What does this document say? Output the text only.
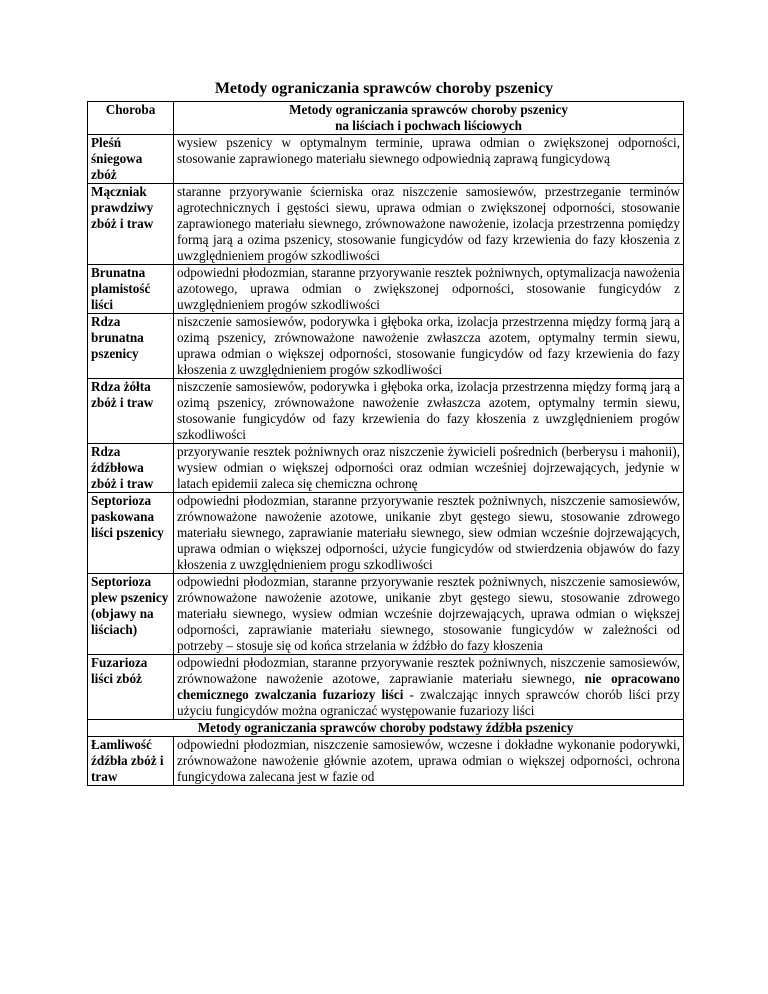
Metody ograniczania sprawców choroby pszenicy
Choroba	Metody ograniczania sprawców choroby pszenicy
na liściach i pochwach liściowych

Pleśń śniegowa zbóż	wysiew pszenicy w optymalnym terminie, uprawa odmian o zwiększonej odporności, stosowanie zaprawionego materiału siewnego odpowiednią zaprawą fungicydową
Mączniak prawdziwy zbóż i traw	staranne przyorywanie ścierniska oraz niszczenie samosiewów, przestrzeganie terminów agrotechnicznych i gęstości siewu, uprawa odmian o zwiększonej odporności, stosowanie zaprawionego materiału siewnego, zrównoważone nawożenie, izolacja przestrzenna pomiędzy formą jarą a ozima pszenicy, stosowanie fungicydów od fazy krzewienia do fazy kłoszenia z uwzględnieniem progów szkodliwości
Brunatna plamistość liści	odpowiedni płodozmian, staranne przyorywanie resztek pożniwnych, optymalizacja nawożenia azotowego, uprawa odmian o zwiększonej odporności, stosowanie fungicydów z uwzględnieniem progów szkodliwości
Rdza brunatna pszenicy	niszczenie samosiewów, podorywka i głęboka orka, izolacja przestrzenna między formą jarą a ozimą pszenicy, zrównoważone nawożenie zwłaszcza azotem, optymalny termin siewu, uprawa odmian o większej odporności, stosowanie fungicydów od fazy krzewienia do fazy kłoszenia z uwzględnieniem progów szkodliwości
Rdza żółta zbóż i traw	niszczenie samosiewów, podorywka i głęboka orka, izolacja przestrzenna między formą jarą a ozimą pszenicy, zrównoważone nawożenie zwłaszcza azotem, optymalny termin siewu, stosowanie fungicydów od fazy krzewienia do fazy kłoszenia z uwzględnieniem progów szkodliwości
Rdza źdźbłowa zbóż i traw	przyorywanie resztek pożniwnych oraz niszczenie żywicieli pośrednich (berberysu i mahonii), wysiew odmian o większej odporności oraz odmian wcześniej dojrzewających, jedynie w latach epidemii zaleca się chemiczna ochronę
Septorioza paskowana liści pszenicy	odpowiedni płodozmian, staranne przyorywanie resztek pożniwnych, niszczenie samosiewów, zrównoważone nawożenie azotowe, unikanie zbyt gęstego siewu, stosowanie zdrowego materiału siewnego, zaprawianie materiału siewnego, siew odmian wcześnie dojrzewających, uprawa odmian o większej odporności, użycie fungicydów od stwierdzenia objawów do fazy kłoszenia z uwzględnieniem progu szkodliwości
Septorioza plew pszenicy (objawy na liściach)	odpowiedni płodozmian, staranne przyorywanie resztek pożniwnych, niszczenie samosiewów, zrównoważone nawożenie azotowe, unikanie zbyt gęstego siewu, stosowanie zdrowego materiału siewnego, wysiew odmian wcześnie dojrzewających, uprawa odmian o większej odporności, zaprawianie materiału siewnego, stosowanie fungicydów w zależności od potrzeby – stosuje się od końca strzelania w źdźbło do fazy kłoszenia
Fuzarioza liści zbóż	odpowiedni płodozmian, staranne przyorywanie resztek pożniwnych, niszczenie samosiewów, zrównoważone nawożenie azotowe, zaprawianie materiału siewnego, nie opracowano chemicznego zwalczania fuzariozy liści - zwalczając innych sprawców chorób liści przy użyciu fungicydów można ograniczać występowanie fuzariozy liści
Metody ograniczania sprawców choroby podstawy źdźbła pszenicy	
Łamliwość źdźbła zbóż i traw	odpowiedni płodozmian, niszczenie samosiewów, wczesne i dokładne wykonanie podorywki, zrównoważone nawożenie głównie azotem, uprawa odmian o większej odporności, ochrona fungicydowa zalecana jest w fazie od
